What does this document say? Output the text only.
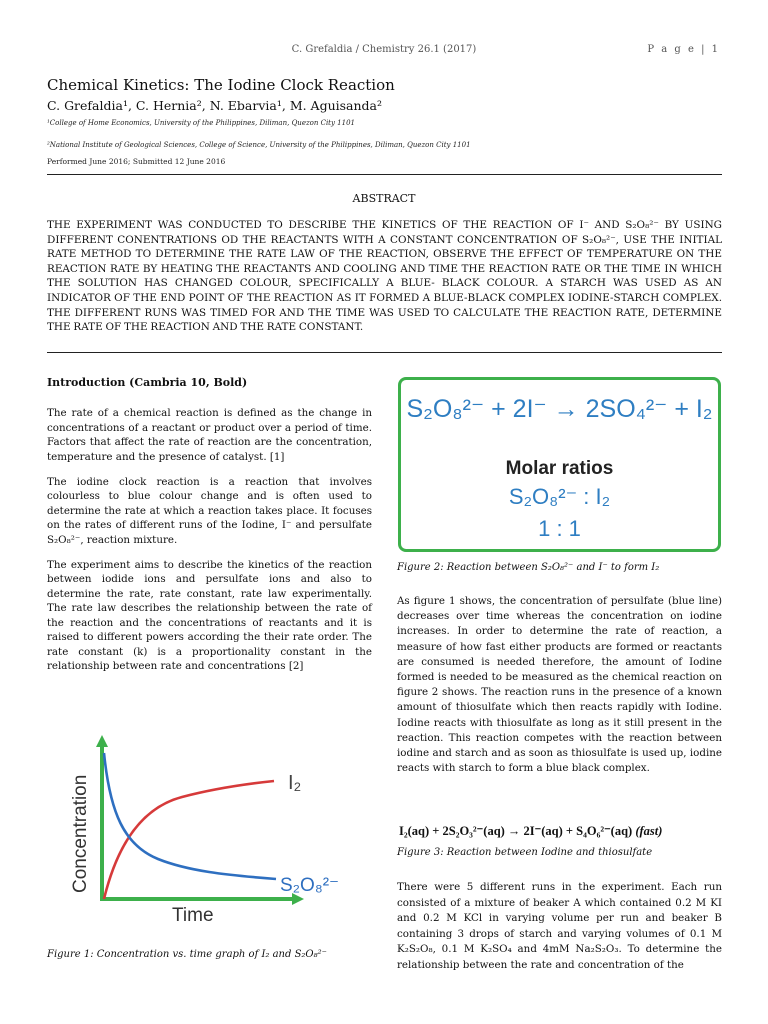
C. Grefaldia / Chemistry 26.1 (2017)	P a g e | 1
Chemical Kinetics: The Iodine Clock Reaction
C. Grefaldia¹, C. Hernia², N. Ebarvia¹, M. Aguisanda²
¹College of Home Economics, University of the Philippines, Diliman, Quezon City 1101
²National Institute of Geological Sciences, College of Science, University of the Philippines, Diliman, Quezon City 1101
Performed June 2016; Submitted 12 June 2016
ABSTRACT
THE EXPERIMENT WAS CONDUCTED TO DESCRIBE THE KINETICS OF THE REACTION OF I⁻ AND S₂O₈²⁻ BY USING DIFFERENT CONENTRATIONS OD THE REACTANTS WITH A CONSTANT CONCENTRATION OF S₂O₈²⁻, USE THE INITIAL RATE METHOD TO DETERMINE THE RATE LAW OF THE REACTION, OBSERVE THE EFFECT OF TEMPERATURE ON THE REACTION RATE BY HEATING THE REACTANTS AND COOLING AND TIME THE REACTION RATE OR THE TIME IN WHICH THE SOLUTION HAS CHANGED COLOUR, SPECIFICALLY A BLUE- BLACK COLOUR. A STARCH WAS USED AS AN INDICATOR OF THE END POINT OF THE REACTION AS IT FORMED A BLUE-BLACK COMPLEX IODINE-STARCH COMPLEX. THE DIFFERENT RUNS WAS TIMED FOR AND THE TIME WAS USED TO CALCULATE THE REACTION RATE, DETERMINE THE RATE OF THE REACTION AND THE RATE CONSTANT.
Introduction (Cambria 10, Bold)

The rate of a chemical reaction is defined as the change in concentrations of a reactant or product over a period of time. Factors that affect the rate of reaction are the concentration, temperature and the presence of catalyst. [1]

The iodine clock reaction is a reaction that involves colourless to blue colour change and is often used to determine the rate at which a reaction takes place. It focuses on the rates of different runs of the Iodine, I⁻ and persulfate S₂O₈²⁻, reaction mixture.

The experiment aims to describe the kinetics of the reaction between iodide ions and persulfate ions and also to determine the rate, rate constant, rate law experimentally. The rate law describes the relationship between the rate of the reaction and the concentrations of reactants and it is raised to different powers according the their rate order. The rate constant (k) is a proportionality constant in the relationship between rate and concentrations [2]

Concentration
Time
I₂
S₂O₈²⁻
Figure 1: Concentration vs. time graph of I₂ and S₂O₈²⁻
S₂O₈²⁻ + 2I⁻ → 2SO₄²⁻ + I₂
Molar ratios
S₂O₈²⁻ : I₂
1 : 1
Figure 2: Reaction between S₂O₈²⁻ and I⁻ to form I₂

As figure 1 shows, the concentration of persulfate (blue line) decreases over time whereas the concentration on iodine increases. In order to determine the rate of reaction, a measure of how fast either products are formed or reactants are consumed is needed therefore, the amount of Iodine formed is needed to be measured as the chemical reaction on figure 2 shows. The reaction runs in the presence of a known amount of thiosulfate which then reacts rapidly with Iodine. Iodine reacts with thiosulfate as long as it still present in the reaction. This reaction competes with the reaction between iodine and starch and as soon as thiosulfate is used up, iodine reacts with starch to form a blue black complex.

I₂(aq) + 2S₂O₃²⁻(aq) → 2I⁻(aq) + S₄O₆²⁻(aq) (fast)
Figure 3: Reaction between Iodine and thiosulfate

There were 5 different runs in the experiment. Each run consisted of a mixture of beaker A which contained 0.2 M KI and 0.2 M KCl in varying volume per run and beaker B containing 3 drops of starch and varying volumes of 0.1 M K₂S₂O₈, 0.1 M K₂SO₄ and 4mM Na₂S₂O₃. To determine the relationship between the rate and concentration of the
